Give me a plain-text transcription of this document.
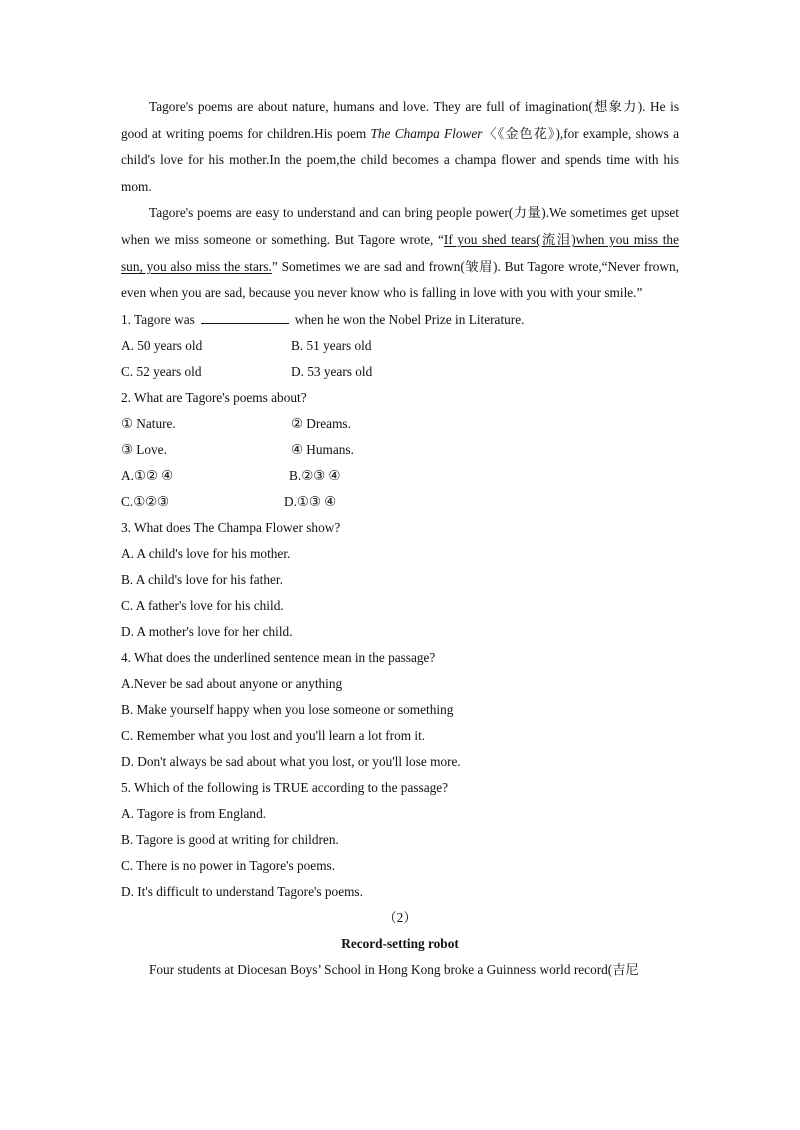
Tagore's poems are about nature, humans and love. They are full of imagination(想象力). He is good at writing poems for children.His poem The Champa Flower〈《金色花》),for example, shows a child's love for his mother.In the poem,the child becomes a champa flower and spends time with his mom.

Tagore's poems are easy to understand and can bring people power(力量).We sometimes get upset when we miss someone or something. But Tagore wrote, “If you shed tears(流泪)when you miss the sun, you also miss the stars.” Sometimes we are sad and frown(皱眉). But Tagore wrote,“Never frown, even when you are sad, because you never know who is falling in love with you with your smile.”

1. Tagore was	when he won the Nobel Prize in Literature.
A. 50 years old	B. 51 years old
C. 52 years old	D. 53 years old
2. What are Tagore's poems about?
① Nature.	② Dreams.
③ Love.	④ Humans.
A.①② ④	B.②③ ④
C.①②③	D.①③ ④
3. What does The Champa Flower show?
A. A child's love for his mother.
B. A child's love for his father.
C. A father's love for his child.
D. A mother's love for her child.
4. What does the underlined sentence mean in the passage?
A.Never be sad about anyone or anything
B. Make yourself happy when you lose someone or something
C. Remember what you lost and you'll learn a lot from it.
D. Don't always be sad about what you lost, or you'll lose more.
5. Which of the following is TRUE according to the passage?
A. Tagore is from England.
B. Tagore is good at writing for children.
C. There is no power in Tagore's poems.
D. It's difficult to understand Tagore's poems.
（2）
Record-setting robot
Four students at Diocesan Boys’ School in Hong Kong broke a Guinness world record(吉尼
